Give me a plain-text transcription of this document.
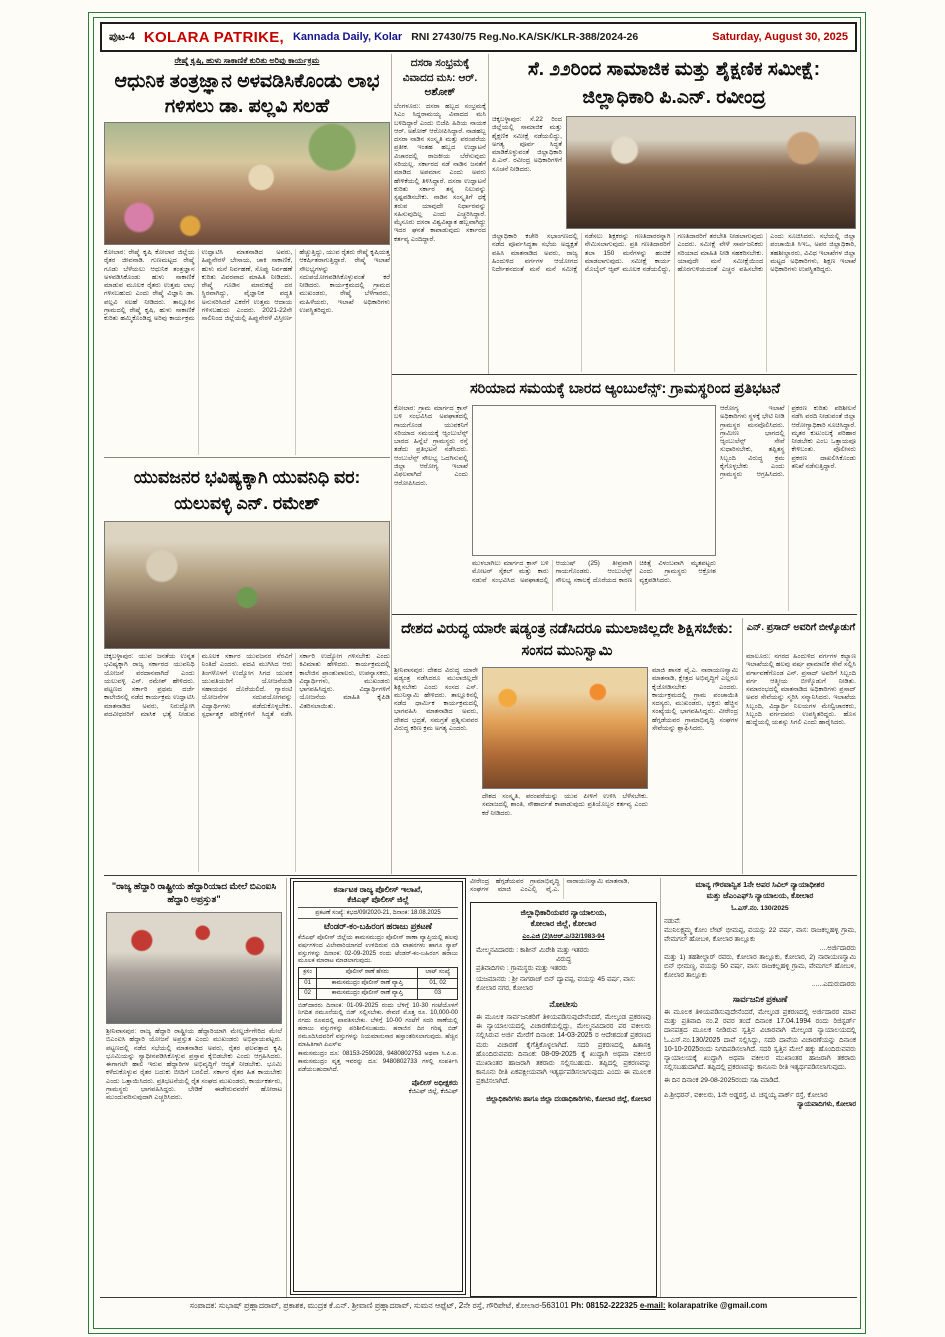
ಪುಟ-4 KOLARA PATRIKE, Kannada Daily, Kolar RNI 27430/75 Reg.No.KA/SK/KLR-388/2024-26	Saturday, August 30, 2025
ರೇಷ್ಮೆ ಕೃಷಿ, ಹುಳು ಸಾಕಾಣಿಕೆ ಕುರಿತು ಅರಿವು ಕಾರ್ಯಕ್ರಮ
ಆಧುನಿಕ ತಂತ್ರಜ್ಞಾನ ಅಳವಡಿಸಿಕೊಂಡು ಲಾಭ ಗಳಿಸಲು ಡಾ. ಪಲ್ಲವಿ ಸಲಹೆ
ಕೋಲಾರ: ರೇಷ್ಮೆ ಕೃಷಿ ಕೋಲಾರ ಜಿಲ್ಲೆಯ ರೈತರ ಜೀವನಾಡಿ. ಗುಣಮಟ್ಟದ ರೇಷ್ಮೆ ಗೂಡು ಬೆಳೆಯಲು ಆಧುನಿಕ ತಂತ್ರಜ್ಞಾನ ಅಳವಡಿಸಿಕೊಂಡು ಹುಳು ಸಾಕಾಣಿಕೆ ಮಾಡುವ ಮೂಲಕ ರೈತರು ಉತ್ತಮ ಲಾಭ ಗಳಿಸಬಹುದು ಎಂದು ರೇಷ್ಮೆ ವಿಜ್ಞಾನಿ ಡಾ. ಪಲ್ಲವಿ ಸಲಹೆ ನೀಡಿದರು. ತಾಲ್ಲೂಕಿನ ಗ್ರಾಮದಲ್ಲಿ ರೇಷ್ಮೆ ಕೃಷಿ, ಹುಳು ಸಾಕಾಣಿಕೆ ಕುರಿತು ಹಮ್ಮಿಕೊಂಡಿದ್ದ ಅರಿವು ಕಾರ್ಯಕ್ರಮ ಉದ್ಘಾಟಿಸಿ ಮಾತನಾಡಿದ ಅವರು, ಹಿಪ್ಪುನೇರಳೆ ಬೇಸಾಯ, ಚಾಕಿ ಸಾಕಾಣಿಕೆ, ಹುಳು ಮನೆ ನಿರ್ವಹಣೆ, ಸೊಪ್ಪು ನಿರ್ವಹಣೆ ಕುರಿತು ವಿವರವಾದ ಮಾಹಿತಿ ನೀಡಿದರು. ರೇಷ್ಮೆ ಗೂಡಿನ ಮಾರುಕಟ್ಟೆ ದರ ಸ್ಥಿರವಾಗಿದ್ದು, ವೈಜ್ಞಾನಿಕ ಪದ್ಧತಿ ಅನುಸರಿಸಿದರೆ ಎಕರೆಗೆ ಉತ್ತಮ ಆದಾಯ ಗಳಿಸಬಹುದು ಎಂದರು. 2021-22ನೇ ಸಾಲಿನಿಂದ ಜಿಲ್ಲೆಯಲ್ಲಿ ಹಿಪ್ಪುನೇರಳೆ ವಿಸ್ತೀರ್ಣ ಹೆಚ್ಚುತ್ತಿದ್ದು, ಯುವ ರೈತರು ರೇಷ್ಮೆ ಕೃಷಿಯತ್ತ ಆಕರ್ಷಿತರಾಗುತ್ತಿದ್ದಾರೆ. ರೇಷ್ಮೆ ಇಲಾಖೆ ಸೌಲಭ್ಯಗಳನ್ನು ಸದುಪಯೋಗಪಡಿಸಿಕೊಳ್ಳುವಂತೆ ಕರೆ ನೀಡಿದರು. ಕಾರ್ಯಕ್ರಮದಲ್ಲಿ ಗ್ರಾಮದ ಮುಖಂಡರು, ರೇಷ್ಮೆ ಬೆಳೆಗಾರರು, ಮಹಿಳೆಯರು, ಇಲಾಖೆ ಅಧಿಕಾರಿಗಳು ಉಪಸ್ಥಿತರಿದ್ದರು.
ದಸರಾ ಸಂಭ್ರಮಕ್ಕೆ ವಿವಾದದ ಮಸಿ: ಆರ್. ಅಶೋಕ್
ಬೆಂಗಳೂರು: ದಸರಾ ಹಬ್ಬದ ಸಂಭ್ರಮಕ್ಕೆ ಸಿಎಂ ಸಿದ್ದರಾಮಯ್ಯ ವಿವಾದದ ಮಸಿ ಬಳಿದಿದ್ದಾರೆ ಎಂದು ಬಿಜೆಪಿ ಹಿರಿಯ ನಾಯಕ ಆರ್. ಅಶೋಕ್ ಆರೋಪಿಸಿದ್ದಾರೆ. ನಾಡಹಬ್ಬ ದಸರಾ ನಾಡಿನ ಸಂಸ್ಕೃತಿ ಮತ್ತು ಪರಂಪರೆಯ ಪ್ರತೀಕ. ಇಂತಹ ಹಬ್ಬದ ಉದ್ಘಾಟನೆ ವಿಚಾರದಲ್ಲಿ ರಾಜಕೀಯ ಬೆರೆಸುವುದು ಸರಿಯಲ್ಲ. ಸರ್ಕಾರದ ನಡೆ ನಾಡಿನ ಜನತೆಗೆ ಮಾಡಿದ ಅಪಮಾನ ಎಂದು ಅವರು ಹೇಳಿಕೆಯಲ್ಲಿ ತಿಳಿಸಿದ್ದಾರೆ. ದಸರಾ ಉದ್ಘಾಟನೆ ಕುರಿತು ಸರ್ಕಾರ ತನ್ನ ನಿಲುವನ್ನು ಸ್ಪಷ್ಟಪಡಿಸಬೇಕು. ನಾಡಿನ ಸಂಸ್ಕೃತಿಗೆ ಧಕ್ಕೆ ತರುವ ಯಾವುದೇ ನಿರ್ಧಾರವನ್ನು ಸಹಿಸುವುದಿಲ್ಲ ಎಂದು ಎಚ್ಚರಿಸಿದ್ದಾರೆ. ಮೈಸೂರು ದಸರಾ ವಿಶ್ವವಿಖ್ಯಾತ ಹಬ್ಬವಾಗಿದ್ದು ಇದರ ಘನತೆ ಕಾಪಾಡುವುದು ಸರ್ಕಾರದ ಕರ್ತವ್ಯ ಎಂದಿದ್ದಾರೆ.
ಸೆ. ೨೨ರಿಂದ ಸಾಮಾಜಿಕ ಮತ್ತು ಶೈಕ್ಷಣಿಕ ಸಮೀಕ್ಷೆ: ಜಿಲ್ಲಾಧಿಕಾರಿ ಪಿ.ಎನ್. ರವೀಂದ್ರ
ಚಿಕ್ಕಬಳ್ಳಾಪುರ: ಸೆ.22 ರಿಂದ ಜಿಲ್ಲೆಯಲ್ಲಿ ಸಾಮಾಜಿಕ ಮತ್ತು ಶೈಕ್ಷಣಿಕ ಸಮೀಕ್ಷೆ ನಡೆಯಲಿದ್ದು, ಅಗತ್ಯ ಪೂರ್ವ ಸಿದ್ಧತೆ ಮಾಡಿಕೊಳ್ಳುವಂತೆ ಜಿಲ್ಲಾಧಿಕಾರಿ ಪಿ.ಎನ್. ರವೀಂದ್ರ ಅಧಿಕಾರಿಗಳಿಗೆ ಸೂಚನೆ ನೀಡಿದರು.
ಜಿಲ್ಲಾಧಿಕಾರಿ ಕಚೇರಿ ಸಭಾಂಗಣದಲ್ಲಿ ನಡೆದ ಪೂರ್ವಸಿದ್ಧತಾ ಸಭೆಯ ಅಧ್ಯಕ್ಷತೆ ವಹಿಸಿ ಮಾತನಾಡಿದ ಅವರು, ರಾಜ್ಯ ಹಿಂದುಳಿದ ವರ್ಗಗಳ ಆಯೋಗದ ನಿರ್ದೇಶನದಂತೆ ಮನೆ ಮನೆ ಸಮೀಕ್ಷೆ ನಡೆಸಲು ಶಿಕ್ಷಕರನ್ನು ಗಣತಿದಾರರನ್ನಾಗಿ ನೇಮಿಸಲಾಗುವುದು. ಪ್ರತಿ ಗಣತಿದಾರರಿಗೆ ತಲಾ 150 ಮನೆಗಳನ್ನು ಹಂಚಿಕೆ ಮಾಡಲಾಗುವುದು. ಸಮೀಕ್ಷೆ ಕಾರ್ಯ ಮೊಬೈಲ್ ಆ್ಯಪ್ ಮೂಲಕ ನಡೆಯಲಿದ್ದು, ಗಣತಿದಾರರಿಗೆ ತರಬೇತಿ ನೀಡಲಾಗುವುದು ಎಂದರು. ಸಮೀಕ್ಷೆ ವೇಳೆ ಸಾರ್ವಜನಿಕರು ಸರಿಯಾದ ಮಾಹಿತಿ ನೀಡಿ ಸಹಕರಿಸಬೇಕು. ಯಾವುದೇ ಮನೆ ಸಮೀಕ್ಷೆಯಿಂದ ಹೊರಗುಳಿಯದಂತೆ ಎಚ್ಚರ ವಹಿಸಬೇಕು ಎಂದು ಸೂಚಿಸಿದರು. ಸಭೆಯಲ್ಲಿ ಜಿಲ್ಲಾ ಪಂಚಾಯಿತಿ ಸಿಇಒ, ಅಪರ ಜಿಲ್ಲಾಧಿಕಾರಿ, ತಹಶೀಲ್ದಾರರು, ವಿವಿಧ ಇಲಾಖೆಗಳ ಜಿಲ್ಲಾ ಮಟ್ಟದ ಅಧಿಕಾರಿಗಳು, ಶಿಕ್ಷಣ ಇಲಾಖೆ ಅಧಿಕಾರಿಗಳು ಉಪಸ್ಥಿತರಿದ್ದರು.
ಸರಿಯಾದ ಸಮಯಕ್ಕೆ ಬಾರದ ಆ್ಯಂಬುಲೆನ್ಸ್: ಗ್ರಾಮಸ್ಥರಿಂದ ಪ್ರತಿಭಟನೆ
ಕೋಲಾರ: ಗ್ರಾಮ ಮಾರ್ಗದ ಕ್ರಾಸ್ ಬಳಿ ಸಂಭವಿಸಿದ ಅಪಘಾತದಲ್ಲಿ ಗಾಯಗೊಂಡ ಯುವಕನಿಗೆ ಸರಿಯಾದ ಸಮಯಕ್ಕೆ ಆ್ಯಂಬುಲೆನ್ಸ್ ಬಾರದ ಹಿನ್ನೆಲೆ ಗ್ರಾಮಸ್ಥರು ರಸ್ತೆ ತಡೆದು ಪ್ರತಿಭಟನೆ ನಡೆಸಿದರು. ಆಂಬುಲೆನ್ಸ್ ಸೌಲಭ್ಯ ಒದಗಿಸುವಲ್ಲಿ ಜಿಲ್ಲಾ ಆರೋಗ್ಯ ಇಲಾಖೆ ವಿಫಲವಾಗಿದೆ ಎಂದು ಆರೋಪಿಸಿದರು.
ಮುಳಬಾಗಿಲು ಮಾರ್ಗದ ಕ್ರಾಸ್ ಬಳಿ ಮೋಟರ್ ಸೈಕಲ್ ಮತ್ತು ಕಾರು ನಡುವೆ ಸಂಭವಿಸಿದ ಅಪಘಾತದಲ್ಲಿ ಆಯುಷ್ (25) ತೀವ್ರವಾಗಿ ಗಾಯಗೊಂಡರು. ಆಂಬುಲೆನ್ಸ್ ಸೌಲಭ್ಯ ಸಕಾಲಕ್ಕೆ ದೊರೆಯದ ಕಾರಣ ಚಿಕಿತ್ಸೆ ವಿಳಂಬವಾಗಿ ಮೃತಪಟ್ಟರು ಎಂದು ಗ್ರಾಮಸ್ಥರು ಆಕ್ರೋಶ ವ್ಯಕ್ತಪಡಿಸಿದರು.
ಆರೋಗ್ಯ ಇಲಾಖೆ ಅಧಿಕಾರಿಗಳು ಸ್ಥಳಕ್ಕೆ ಭೇಟಿ ನೀಡಿ ಗ್ರಾಮಸ್ಥರ ಮನವೊಲಿಸಿದರು. ಗ್ರಾಮೀಣ ಭಾಗದಲ್ಲಿ ಆ್ಯಂಬುಲೆನ್ಸ್ ಸೇವೆ ಸುಧಾರಿಸಬೇಕು, ತಪ್ಪಿತಸ್ಥ ಸಿಬ್ಬಂದಿ ವಿರುದ್ಧ ಕ್ರಮ ಕೈಗೊಳ್ಳಬೇಕು ಎಂದು ಗ್ರಾಮಸ್ಥರು ಆಗ್ರಹಿಸಿದರು. ಪ್ರಕರಣ ಕುರಿತು ಪರಿಶೀಲನೆ ನಡೆಸಿ ವರದಿ ನೀಡುವಂತೆ ಜಿಲ್ಲಾ ಆರೋಗ್ಯಾಧಿಕಾರಿ ಸೂಚಿಸಿದ್ದಾರೆ. ಮೃತರ ಕುಟುಂಬಕ್ಕೆ ಪರಿಹಾರ ನೀಡಬೇಕು ಎಂಬ ಒತ್ತಾಯವೂ ಕೇಳಿಬಂತು. ಪೊಲೀಸರು ಪ್ರಕರಣ ದಾಖಲಿಸಿಕೊಂಡು ತನಿಖೆ ನಡೆಸುತ್ತಿದ್ದಾರೆ.
ಯುವಜನರ ಭವಿಷ್ಯಕ್ಕಾಗಿ ಯುವನಿಧಿ ವರ: ಯಲುವಳ್ಳಿ ಎನ್. ರಮೇಶ್
ಚಿಕ್ಕಬಳ್ಳಾಪುರ: ಯುವ ಜನತೆಯ ಉನ್ನತ ಭವಿಷ್ಯಕ್ಕಾಗಿ ರಾಜ್ಯ ಸರ್ಕಾರದ ಯುವನಿಧಿ ಯೋಜನೆ ವರದಾನವಾಗಿದೆ ಎಂದು ಯಲುವಳ್ಳಿ ಎನ್. ರಮೇಶ್ ಹೇಳಿದರು. ಪಟ್ಟಣದ ಸರ್ಕಾರಿ ಪ್ರಥಮ ದರ್ಜೆ ಕಾಲೇಜಿನಲ್ಲಿ ನಡೆದ ಕಾರ್ಯಕ್ರಮ ಉದ್ಘಾಟಿಸಿ ಮಾತನಾಡಿದ ಅವರು, ನಿರುದ್ಯೋಗಿ ಪದವೀಧರರಿಗೆ ಮಾಸಿಕ ಭತ್ಯೆ ನೀಡುವ ಮೂಲಕ ಸರ್ಕಾರ ಯುವಜನರ ನೆರವಿಗೆ ನಿಂತಿದೆ ಎಂದರು. ಪದವಿ ಮುಗಿಸಿದ ಆರು ತಿಂಗಳೊಳಗೆ ಉದ್ಯೋಗ ಸಿಗದ ಯುವಕ ಯುವತಿಯರಿಗೆ ಯೋಜನೆಯಡಿ ಸಹಾಯಧನ ದೊರೆಯಲಿದೆ. ಗ್ಯಾರಂಟಿ ಯೋಜನೆಗಳ ಸದುಪಯೋಗವನ್ನು ವಿದ್ಯಾರ್ಥಿಗಳು ಪಡೆದುಕೊಳ್ಳಬೇಕು. ಸ್ಪರ್ಧಾತ್ಮಕ ಪರೀಕ್ಷೆಗಳಿಗೆ ಸಿದ್ಧತೆ ನಡೆಸಿ ಸರ್ಕಾರಿ ಉದ್ಯೋಗ ಗಳಿಸಬೇಕು ಎಂದು ಕಿವಿಮಾತು ಹೇಳಿದರು. ಕಾರ್ಯಕ್ರಮದಲ್ಲಿ ಕಾಲೇಜಿನ ಪ್ರಾಂಶುಪಾಲರು, ಉಪನ್ಯಾಸಕರು, ವಿದ್ಯಾರ್ಥಿಗಳು, ಮುಖಂಡರು ಭಾಗವಹಿಸಿದ್ದರು. ವಿದ್ಯಾರ್ಥಿಗಳಿಗೆ ಯೋಜನೆಯ ಮಾಹಿತಿ ಕೈಪಿಡಿ ವಿತರಿಸಲಾಯಿತು.
ದೇಶದ ವಿರುದ್ಧ ಯಾರೇ ಷಡ್ಯಂತ್ರ ನಡೆಸಿದರೂ ಮುಲಾಜಿಲ್ಲದೇ ಶಿಕ್ಷಿಸಬೇಕು: ಸಂಸದ ಮುನಿಸ್ವಾಮಿ
ಶ್ರೀನಿವಾಸಪುರ: ದೇಶದ ವಿರುದ್ಧ ಯಾರೇ ಷಡ್ಯಂತ್ರ ನಡೆಸಿದರೂ ಮುಲಾಜಿಲ್ಲದೇ ಶಿಕ್ಷಿಸಬೇಕು ಎಂದು ಸಂಸದ ಎಸ್. ಮುನಿಸ್ವಾಮಿ ಹೇಳಿದರು. ತಾಲ್ಲೂಕಿನಲ್ಲಿ ನಡೆದ ಧಾರ್ಮಿಕ ಕಾರ್ಯಕ್ರಮದಲ್ಲಿ ಭಾಗವಹಿಸಿ ಮಾತನಾಡಿದ ಅವರು, ದೇಶದ ಭದ್ರತೆ, ಸಮಗ್ರತೆ ಪ್ರಶ್ನಿಸುವವರ ವಿರುದ್ಧ ಕಠಿಣ ಕ್ರಮ ಅಗತ್ಯ ಎಂದರು.
ದೇಶದ ಸಂಸ್ಕೃತಿ, ಪರಂಪರೆಯನ್ನು ಯುವ ಪೀಳಿಗೆ ಉಳಿಸಿ ಬೆಳೆಸಬೇಕು. ಸಮಾಜದಲ್ಲಿ ಶಾಂತಿ, ಸೌಹಾರ್ದತೆ ಕಾಪಾಡುವುದು ಪ್ರತಿಯೊಬ್ಬರ ಕರ್ತವ್ಯ ಎಂದು ಕರೆ ನೀಡಿದರು.
ಮಾಜಿ ಶಾಸಕ ವೈ.ಎ. ನಾರಾಯಣಸ್ವಾಮಿ ಮಾತನಾಡಿ, ಕ್ಷೇತ್ರದ ಅಭಿವೃದ್ಧಿಗೆ ಎಲ್ಲರೂ ಕೈಜೋಡಿಸಬೇಕು ಎಂದರು. ಕಾರ್ಯಕ್ರಮದಲ್ಲಿ ಗ್ರಾಮ ಪಂಚಾಯಿತಿ ಸದಸ್ಯರು, ಮುಖಂಡರು, ಭಕ್ತರು ಹೆಚ್ಚಿನ ಸಂಖ್ಯೆಯಲ್ಲಿ ಭಾಗವಹಿಸಿದ್ದರು. ವೀರೇಂದ್ರ ಹೆಗ್ಗಡೆಯವರ ಗ್ರಾಮಾಭಿವೃದ್ಧಿ ಸಂಘಗಳ ಸೇವೆಯನ್ನು ಶ್ಲಾಘಿಸಿದರು.
ಎನ್. ಪ್ರಸಾದ್ ಅವರಿಗೆ ಬೀಳ್ಕೊಡುಗೆ
ಮಾಲೂರು: ನಗರದ ಹಿಂದುಳಿದ ವರ್ಗಗಳ ಕಲ್ಯಾಣ ಇಲಾಖೆಯಲ್ಲಿ ಹಲವು ವರ್ಷ ಪ್ರಾಮಾಣಿಕ ಸೇವೆ ಸಲ್ಲಿಸಿ ವರ್ಗಾವಣೆಗೊಂಡ ಎನ್. ಪ್ರಸಾದ್ ಅವರಿಗೆ ಸಿಬ್ಬಂದಿ ವರ್ಗ ಆತ್ಮೀಯ ಬೀಳ್ಕೊಡುಗೆ ನೀಡಿತು. ಸಮಾರಂಭದಲ್ಲಿ ಮಾತನಾಡಿದ ಅಧಿಕಾರಿಗಳು ಪ್ರಸಾದ್ ಅವರ ಸೇವೆಯನ್ನು ಸ್ಮರಿಸಿ ಸನ್ಮಾನಿಸಿದರು. ಇಲಾಖೆಯ ಸಿಬ್ಬಂದಿ, ವಿದ್ಯಾರ್ಥಿ ನಿಲಯಗಳ ಮೇಲ್ವಿಚಾರಕರು, ಸಿಬ್ಬಂದಿ ವರ್ಗದವರು ಉಪಸ್ಥಿತರಿದ್ದರು. ಹೊಸ ಹುದ್ದೆಯಲ್ಲಿ ಯಶಸ್ಸು ಸಿಗಲಿ ಎಂದು ಹಾರೈಸಿದರು.
"ರಾಜ್ಯ ಹೆದ್ದಾರಿ ರಾಷ್ಟ್ರೀಯ ಹೆದ್ದಾರಿಯಾದ ಮೇಲೆ ಬಿಎಂಐಸಿ ಹೆದ್ದಾರಿ ಅಪ್ರಸ್ತುತ"
ಶ್ರೀನಿವಾಸಪುರ: ರಾಜ್ಯ ಹೆದ್ದಾರಿ ರಾಷ್ಟ್ರೀಯ ಹೆದ್ದಾರಿಯಾಗಿ ಮೇಲ್ದರ್ಜೆಗೇರಿದ ಮೇಲೆ ಬಿಎಂಐಸಿ ಹೆದ್ದಾರಿ ಯೋಜನೆ ಅಪ್ರಸ್ತುತ ಎಂದು ಮುಖಂಡರು ಅಭಿಪ್ರಾಯಪಟ್ಟರು. ಪಟ್ಟಣದಲ್ಲಿ ನಡೆದ ಸಭೆಯಲ್ಲಿ ಮಾತನಾಡಿದ ಅವರು, ರೈತರ ಫಲವತ್ತಾದ ಕೃಷಿ ಭೂಮಿಯನ್ನು ಸ್ವಾಧೀನಪಡಿಸಿಕೊಳ್ಳುವ ಪ್ರಸ್ತಾವ ಕೈಬಿಡಬೇಕು ಎಂದು ಆಗ್ರಹಿಸಿದರು. ಈಗಾಗಲೇ ಹಾಲಿ ಇರುವ ಹೆದ್ದಾರಿಗಳ ಅಭಿವೃದ್ಧಿಗೆ ಆದ್ಯತೆ ನೀಡಬೇಕು. ಭೂಮಿ ಕಳೆದುಕೊಳ್ಳುವ ರೈತರ ಬದುಕು ಬೀದಿಗೆ ಬರಲಿದೆ. ಸರ್ಕಾರ ರೈತರ ಹಿತ ಕಾಯಬೇಕು ಎಂದು ಒತ್ತಾಯಿಸಿದರು. ಪ್ರತಿಭಟನೆಯಲ್ಲಿ ರೈತ ಸಂಘದ ಮುಖಂಡರು, ಕಾರ್ಯಕರ್ತರು, ಗ್ರಾಮಸ್ಥರು ಭಾಗವಹಿಸಿದ್ದರು. ಬೇಡಿಕೆ ಈಡೇರುವವರೆಗೆ ಹೋರಾಟ ಮುಂದುವರಿಸುವುದಾಗಿ ಎಚ್ಚರಿಸಿದರು.
ಕರ್ನಾಟಕ ರಾಜ್ಯ ಪೊಲೀಸ್ ಇಲಾಖೆ,
ಕೆಜಿಎಫ್ ಪೊಲೀಸ್ ಜಿಲ್ಲೆ
ಪ್ರಕಟಣೆ ಸಂಖ್ಯೆ: ಕಭದ/09/2020-21, ದಿನಾಂಕ: 18.08.2025
ಟೆಂಡರ್-ಕಂ-ಬಹಿರಂಗ ಹರಾಜು ಪ್ರಕಟಣೆ
ಕೆಜಿಎಫ್ ಪೊಲೀಸ್ ಜಿಲ್ಲೆಯ ಕಾಮಸಮುದ್ರಂ ಪೊಲೀಸ್ ಠಾಣಾ ವ್ಯಾಪ್ತಿಯಲ್ಲಿ ಹಲವು ವರ್ಷಗಳಿಂದ ವಿಲೇವಾರಿಯಾಗದೆ ಉಳಿದಿರುವ ಬಿಡಿ ವಾಹನಗಳು ಹಾಗೂ ಸ್ಕ್ರಾಪ್ ವಸ್ತುಗಳನ್ನು ದಿನಾಂಕ: 02-09-2025 ರಂದು ಟೆಂಡರ್-ಕಂ-ಬಹಿರಂಗ ಹರಾಜು ಮೂಲಕ ಮಾರಾಟ ಮಾಡಲಾಗುವುದು.
ಕ್ರಸಂ	ಪೊಲೀಸ್ ಠಾಣೆ ಹೆಸರು	ಲಾಟ್ ಸಂಖ್ಯೆ
01	ಕಾಮಸಮುದ್ರಂ ಪೊಲೀಸ್ ಠಾಣೆ ವ್ಯಾಪ್ತಿ	01, 02
02	ಕಾಮಸಮುದ್ರಂ ಪೊಲೀಸ್ ಠಾಣೆ ವ್ಯಾಪ್ತಿ	03
ಬಿಡ್‌ದಾರರು ದಿನಾಂಕ: 01-09-2025 ರಂದು ಬೆಳಿಗ್ಗೆ 10-30 ಗಂಟೆಯೊಳಗೆ ನಿಗದಿತ ನಮೂನೆಯಲ್ಲಿ ಬಿಡ್ ಸಲ್ಲಿಸಬೇಕು. ಠೇವಣಿ ಮೊತ್ತ ರೂ. 10,000-00 ನಗದು ರೂಪದಲ್ಲಿ ಪಾವತಿಸಬೇಕು. ಬೆಳಿಗ್ಗೆ 10-00 ಗಂಟೆಗೆ ಸದರಿ ಠಾಣೆಯಲ್ಲಿ ಹರಾಜು ವಸ್ತುಗಳನ್ನು ಪರಿಶೀಲಿಸಬಹುದು. ಹರಾಜಿನ ದಿನ ಗರಿಷ್ಠ ಬಿಡ್ ನಮೂದಿಸಿದವರಿಗೆ ವಸ್ತುಗಳನ್ನು ನಿಯಮಾನುಸಾರ ಹಸ್ತಾಂತರಿಸಲಾಗುವುದು. ಹೆಚ್ಚಿನ ಮಾಹಿತಿಗಾಗಿ ಪಿಎಸ್‌ಐ
ಕಾಮಸಮುದ್ರಂ ದೂ: 08153-259028, 9480802753 ಅಥವಾ ಸಿ.ಪಿ.ಐ. ಕಾಮಸಮುದ್ರಂ ವೃತ್ತ ಇವರನ್ನು ದೂ: 9480802733 ಗಳಲ್ಲಿ ಸಂಪರ್ಕಿಸಿ ಪಡೆಯಬಹುದಾಗಿದೆ.
ಪೊಲೀಸ್ ಅಧೀಕ್ಷಕರು
ಕೆಜಿಎಫ್ ಜಿಲ್ಲೆ, ಕೆಜಿಎಫ್
ವೀರೇಂದ್ರ ಹೆಗ್ಗಡೆಯವರ ಗ್ರಾಮಾಭಿವೃದ್ಧಿ ಸಂಘಗಳ ಮಾಜಿ ಎಂಎಲ್ಸಿ ವೈ.ಎ. ನಾರಾಯಣಸ್ವಾಮಿ ಮಾತನಾಡಿ,
ಜಿಲ್ಲಾಧಿಕಾರಿಯವರ ನ್ಯಾಯಾಲಯ,
ಕೋಲಾರ ಜಿಲ್ಲೆ, ಕೋಲಾರ
ಎಂ.ಎಜಿ (2)ಸಿಆರ್.ಎ/32/1983-94
ಮೇಲ್ಮನವಿದಾರರು : ಕಾಶೀನ್ ಮಿರೇಶಿ ಮತ್ತು ಇತರರು
ವಿರುದ್ಧ
ಪ್ರತಿವಾದಿಗಳು : ಗ್ರಾಮಸ್ಥರು ಮತ್ತು ಇತರರು
ಯಜಮಾನರು : ಶ್ರೀ ನಾಗರಾಜ್ ಬಿನ್ ದ್ಯಾವಪ್ಪ, ವಯಸ್ಸು 45 ವರ್ಷ, ವಾಸ: ಕೋಲಾರ ನಗರ, ಕೋಲಾರ
ನೋಟೀಸು
ಈ ಮೂಲಕ ಸಾರ್ವಜನಿಕರಿಗೆ ತಿಳಿಯಪಡಿಸುವುದೇನೆಂದರೆ, ಮೇಲ್ಕಂಡ ಪ್ರಕರಣವು ಈ ನ್ಯಾಯಾಲಯದಲ್ಲಿ ವಿಚಾರಣೆಯಲ್ಲಿದ್ದು, ಮೇಲ್ಮನವಿದಾರರ ಪರ ವಕೀಲರು ಸಲ್ಲಿಸಿರುವ ಅರ್ಜಿ ಮೇರೆಗೆ ದಿನಾಂಕ: 14-03-2025 ರ ಆದೇಶದಂತೆ ಪ್ರಕರಣದ ಮರು ವಿಚಾರಣೆ ಕೈಗೆತ್ತಿಕೊಳ್ಳಲಾಗಿದೆ. ಸದರಿ ಪ್ರಕರಣದಲ್ಲಿ ಹಿತಾಸಕ್ತಿ ಹೊಂದಿರುವವರು ದಿನಾಂಕ: 08-09-2025 ಕ್ಕೆ ಖುದ್ದಾಗಿ ಅಥವಾ ವಕೀಲರ ಮುಖಾಂತರ ಹಾಜರಾಗಿ ತಕರಾರು ಸಲ್ಲಿಸಬಹುದು. ತಪ್ಪಿದಲ್ಲಿ ಪ್ರಕರಣವನ್ನು ಕಾನೂನು ರೀತಿ ಏಕಪಕ್ಷೀಯವಾಗಿ ಇತ್ಯರ್ಥಪಡಿಸಲಾಗುವುದು ಎಂದು ಈ ಮೂಲಕ ಪ್ರಕಟಿಸಲಾಗಿದೆ.
ಜಿಲ್ಲಾಧಿಕಾರಿಗಳು ಹಾಗೂ ಜಿಲ್ಲಾ ದಂಡಾಧಿಕಾರಿಗಳು, ಕೋಲಾರ ಜಿಲ್ಲೆ, ಕೋಲಾರ
ಮಾನ್ಯ ಗೌರವಾನ್ವಿತ 1ನೇ ಅಪರ ಸಿವಿಲ್ ನ್ಯಾಯಾಧೀಶರ
ಮತ್ತು ಜೆಎಂಎಫ್‌ಸಿ ನ್ಯಾಯಾಲಯ, ಕೋಲಾರ
ಓ.ಎಸ್.ನಂ. 130/2025
ನಡುವೆ:
ಮುನಿಲಕ್ಷ್ಮಮ್ಮ ಕೋಂ ಲೇಟ್ ಭೀಮಪ್ಪ, ವಯಸ್ಸು 22 ವರ್ಷ, ವಾಸ: ರಾಜಕಲ್ಲಹಳ್ಳಿ ಗ್ರಾಮ, ವೇಮಗಲ್ ಹೋಬಳಿ, ಕೋಲಾರ ತಾಲ್ಲೂಕು
....ಅರ್ಜಿದಾರರು
ಮತ್ತು 1) ತಹಶೀಲ್ದಾರ್ ರವರು, ಕೋಲಾರ ತಾಲ್ಲೂಕು, ಕೋಲಾರ, 2) ನಾರಾಯಣಸ್ವಾಮಿ ಬಿನ್ ಭೀಮಣ್ಣ, ವಯಸ್ಸು 50 ವರ್ಷ, ವಾಸ: ರಾಜಕಲ್ಲಹಳ್ಳಿ ಗ್ರಾಮ, ವೇಮಗಲ್ ಹೋಬಳಿ, ಕೋಲಾರ ತಾಲ್ಲೂಕು
......ಎದುರುದಾರರು
ಸಾರ್ವಜನಿಕ ಪ್ರಕಟಣೆ
ಈ ಮೂಲಕ ತಿಳಿಯಪಡಿಸುವುದೇನೆಂದರೆ, ಮೇಲ್ಕಂಡ ಪ್ರಕರಣದಲ್ಲಿ ಅರ್ಜಿದಾರರ ಮಾವ ಮತ್ತು ಪ್ರತಿವಾದಿ ನಂ.2 ರವರ ತಂದೆ ದಿನಾಂಕ 17.04.1994 ರಂದು ರಿಜಿಸ್ಟರ್ಡ್ ದಾನಪತ್ರದ ಮೂಲಕ ನೀಡಿರುವ ಸ್ವತ್ತಿನ ವಿಚಾರವಾಗಿ ಮೇಲ್ಕಂಡ ನ್ಯಾಯಾಲಯದಲ್ಲಿ ಓ.ಎಸ್.ನಂ.130/2025 ದಾವೆ ಸಲ್ಲಿಸಿದ್ದು, ಸದರಿ ದಾವೆಯ ವಿಚಾರಣೆಯನ್ನು ದಿನಾಂಕ 10-10-2025ರಂದು ನಿಗದಿಪಡಿಸಲಾಗಿದೆ. ಸದರಿ ಸ್ವತ್ತಿನ ಮೇಲೆ ಹಕ್ಕು ಹೊಂದಿರುವವರು ನ್ಯಾಯಾಲಯಕ್ಕೆ ಖುದ್ದಾಗಿ ಅಥವಾ ವಕೀಲರ ಮುಖಾಂತರ ಹಾಜರಾಗಿ ತಕರಾರು ಸಲ್ಲಿಸಬಹುದಾಗಿದೆ. ತಪ್ಪಿದಲ್ಲಿ ಪ್ರಕರಣವನ್ನು ಕಾನೂನು ರೀತಿ ಇತ್ಯರ್ಥಪಡಿಸಲಾಗುವುದು.
ಈ ದಿನ ದಿನಾಂಕ 29-08-2025ರಂದು ಸಹಿ ಮಾಡಿದೆ.
ಪಿ.ಶ್ರೀಧರನ್, ವಕೀಲರು, 1ನೇ ಅಡ್ಡರಸ್ತೆ, ಟಿ. ಚನ್ನಯ್ಯ ಪಾರ್ಕ್ ರಸ್ತೆ, ಕೋಲಾರ
ನ್ಯಾಯವಾದಿಗಳು, ಕೋಲಾರ
ಸಂಪಾದಕ: ಸುಭಾಷ್ ಪ್ರಹ್ಲಾದರಾವ್, ಪ್ರಕಾಶಕ, ಮುದ್ರಕ ಕೆ.ಎನ್. ಶ್ರೀವಾಣಿ ಪ್ರಹ್ಲಾದರಾವ್, ಸುಮನ ಆಫ್ಸೆಟ್, 2ನೇ ರಸ್ತೆ, ಗೌರಿಪೇಟೆ, ಕೋಲಾರ-563101 Ph: 08152-222325 e-mail: kolarapatrike @gmail.com
